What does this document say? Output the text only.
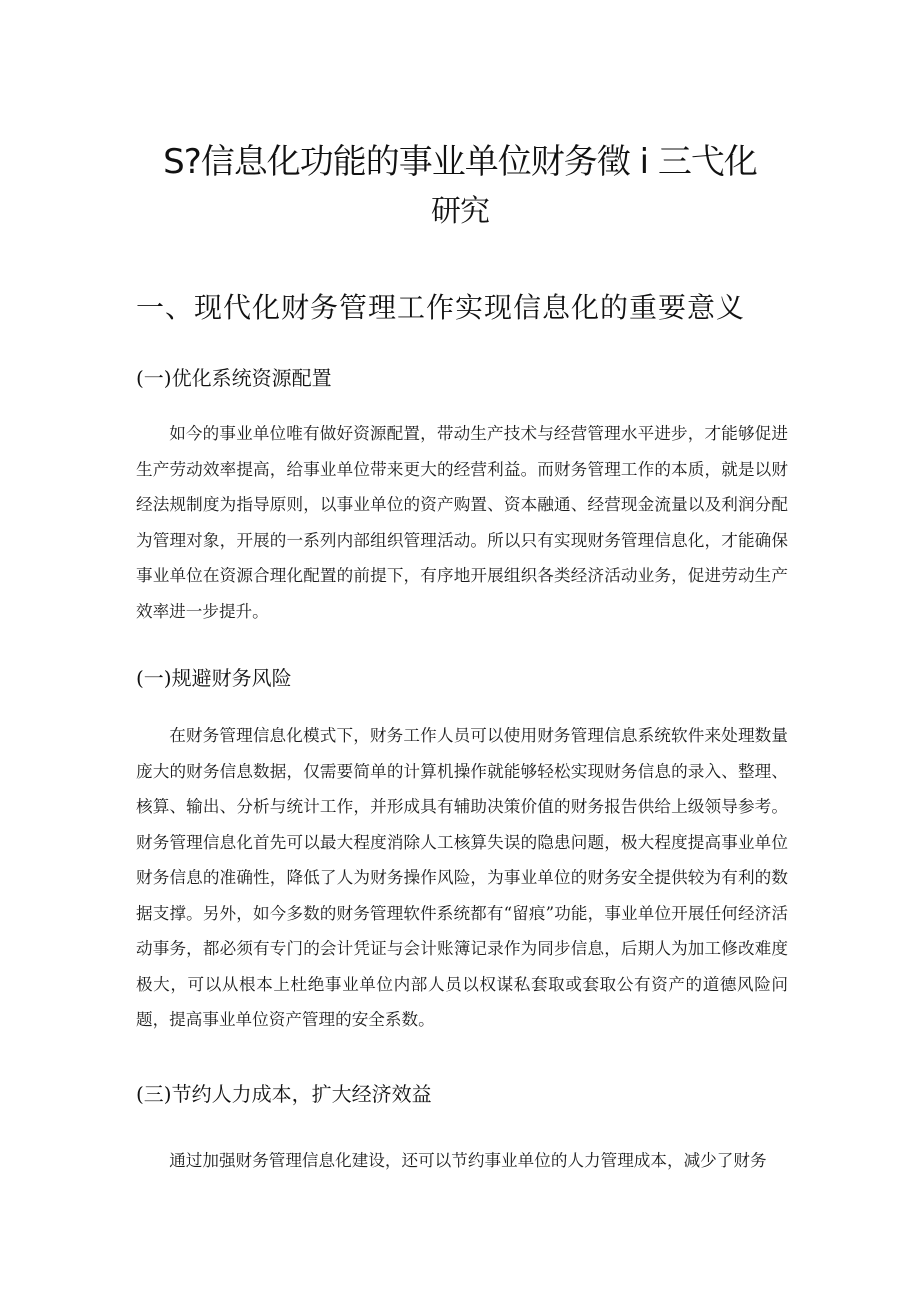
S?信息化功能的事业单位财务徵 i 三弋化
研究
一、现代化财务管理工作实现信息化的重要意义
(一)优化系统资源配置

如今的事业单位唯有做好资源配置，带动生产技术与经营管理水平进步，才能够促进生产劳动效率提高，给事业单位带来更大的经营利益。而财务管理工作的本质，就是以财经法规制度为指导原则，以事业单位的资产购置、资本融通、经营现金流量以及利润分配为管理对象，开展的一系列内部组织管理活动。所以只有实现财务管理信息化，才能确保事业单位在资源合理化配置的前提下，有序地开展组织各类经济活动业务，促进劳动生产效率进一步提升。

(一)规避财务风险

在财务管理信息化模式下，财务工作人员可以使用财务管理信息系统软件来处理数量庞大的财务信息数据，仅需要简单的计算机操作就能够轻松实现财务信息的录入、整理、核算、输出、分析与统计工作，并形成具有辅助决策价值的财务报告供给上级领导参考。财务管理信息化首先可以最大程度消除人工核算失误的隐患问题，极大程度提高事业单位财务信息的准确性，降低了人为财务操作风险，为事业单位的财务安全提供较为有利的数据支撑。另外，如今多数的财务管理软件系统都有“留痕”功能，事业单位开展任何经济活动事务，都必须有专门的会计凭证与会计账簿记录作为同步信息，后期人为加工修改难度极大，可以从根本上杜绝事业单位内部人员以权谋私套取或套取公有资产的道德风险问题，提高事业单位资产管理的安全系数。

(三)节约人力成本，扩大经济效益

通过加强财务管理信息化建设，还可以节约事业单位的人力管理成本，减少了财务
